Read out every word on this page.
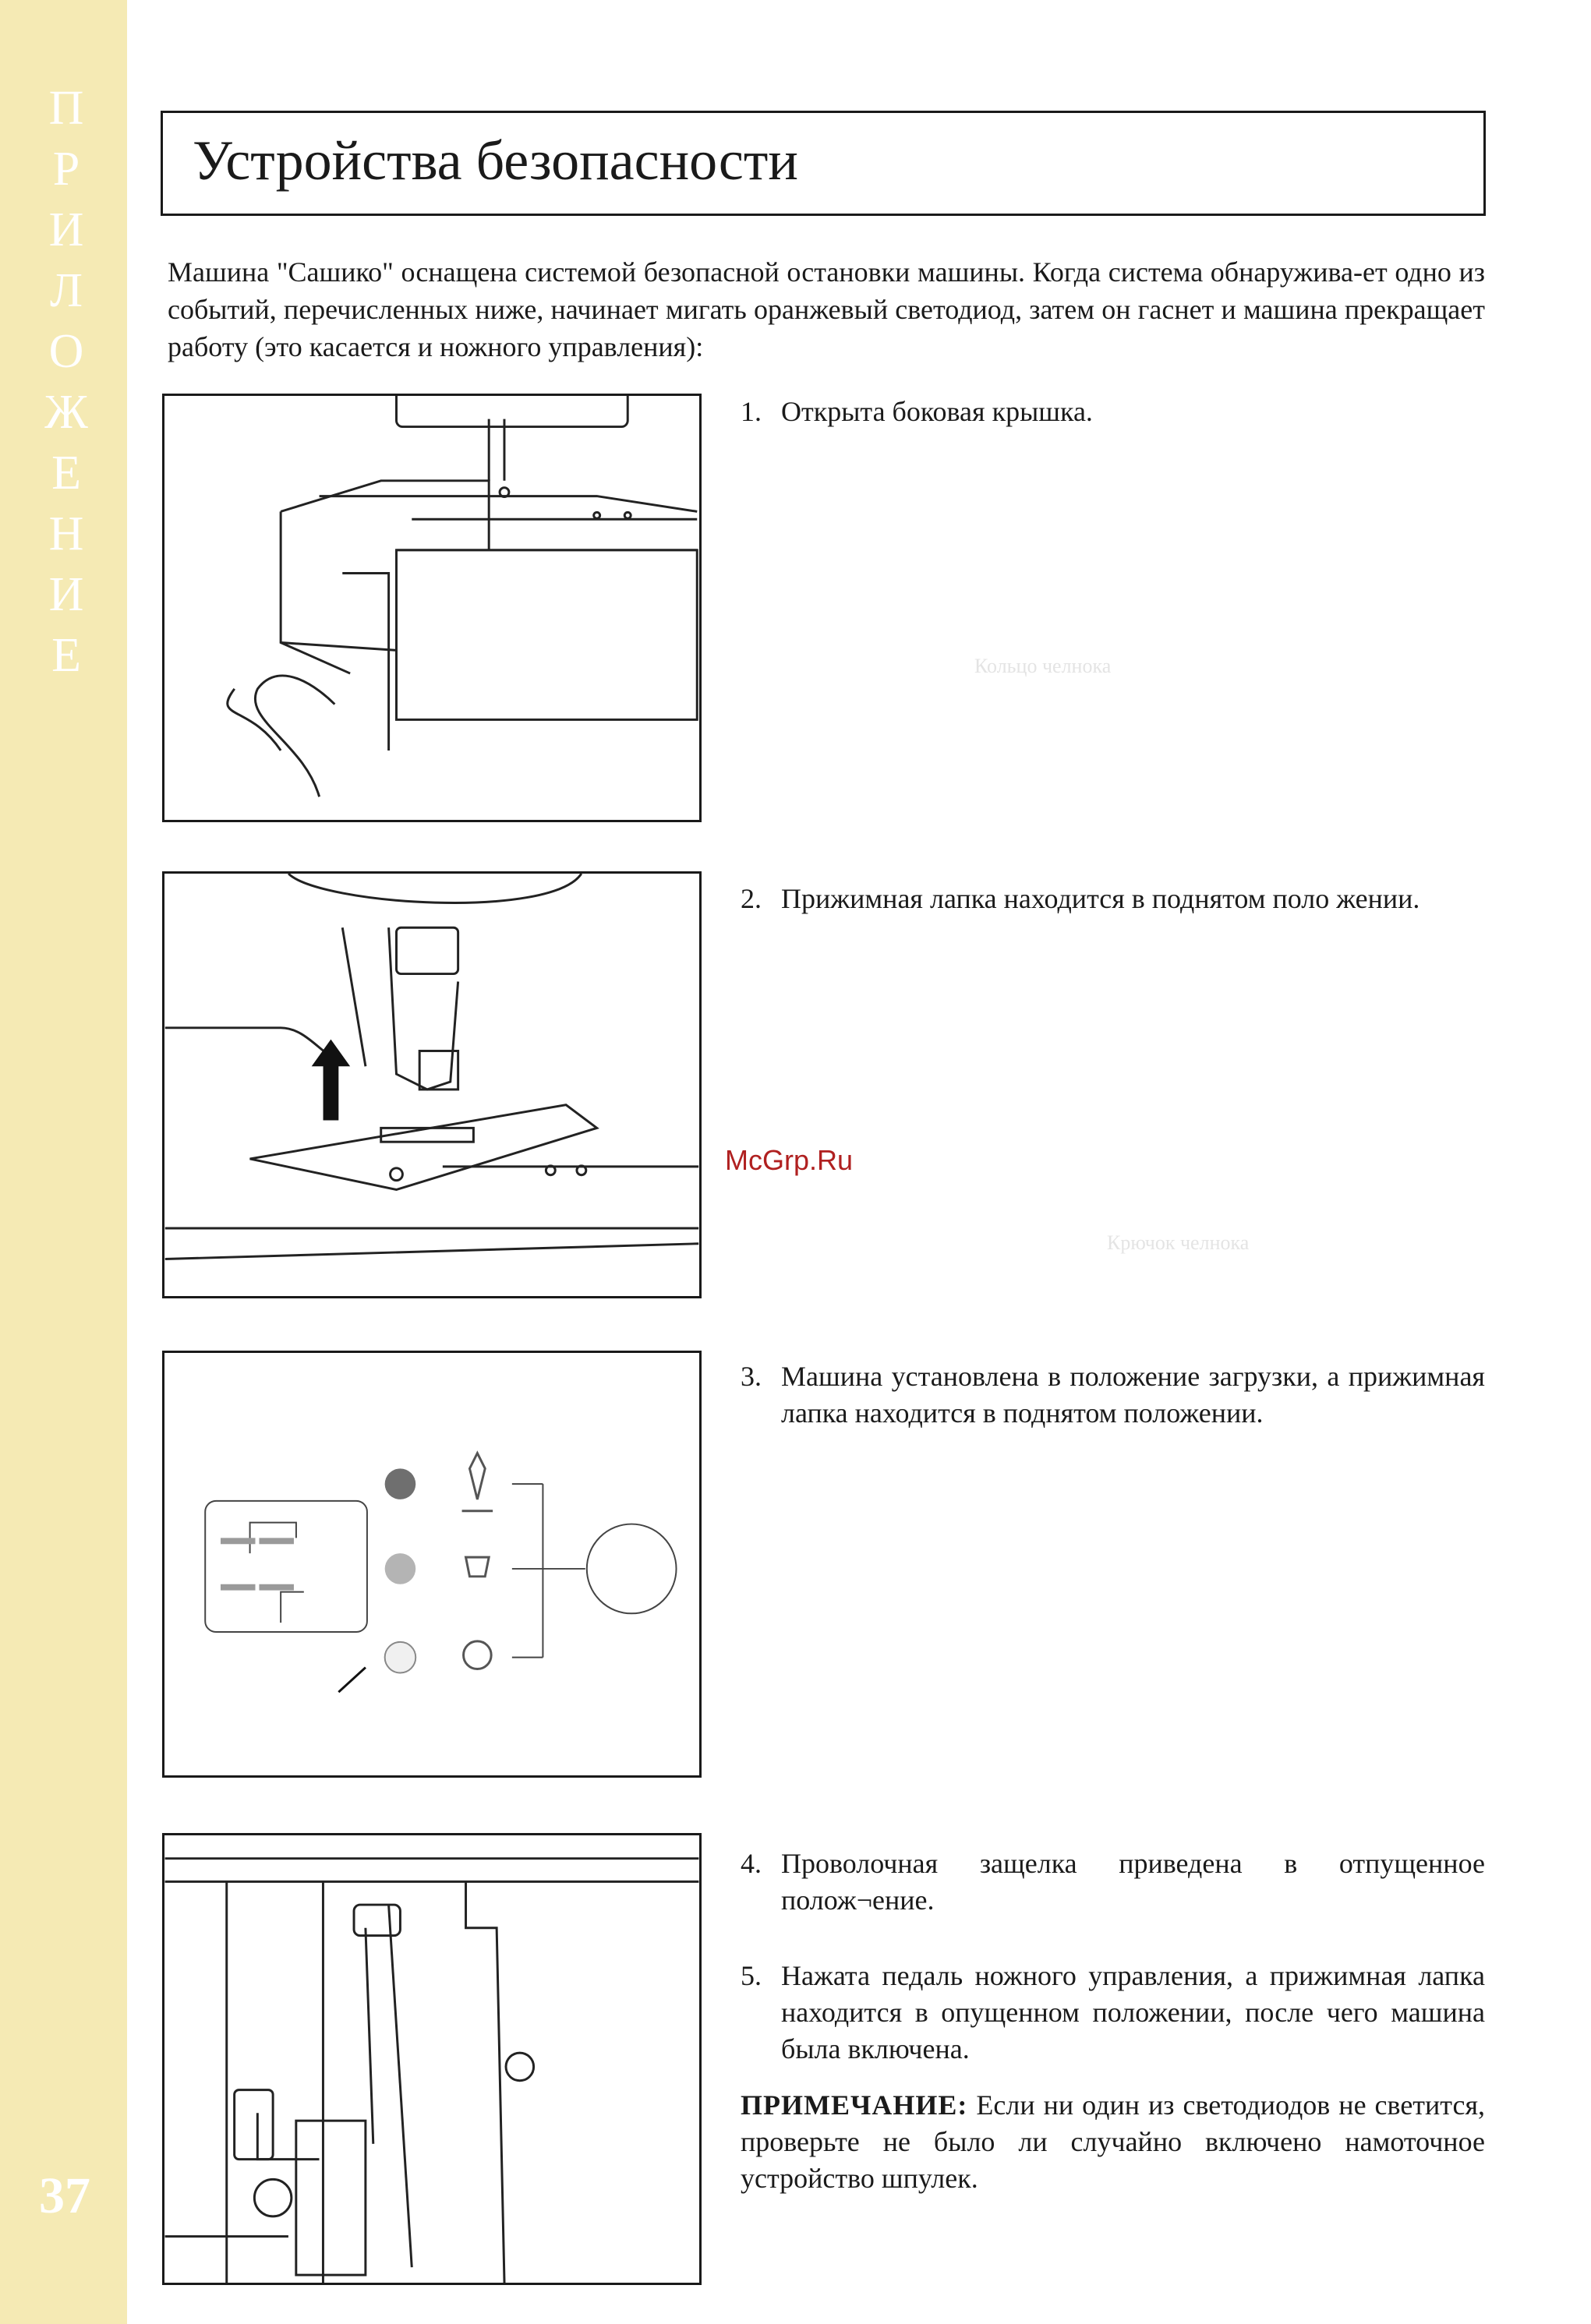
П
Р
И
Л
О
Ж
Е
Н
И
Е
37
Кольцо челнока
Крючок челнока
Устройства безопасности
Машина "Сашико" оснащена системой безопасной остановки машины. Когда система обнаружива-ет одно из событий, перечисленных ниже, начинает мигать оранжевый светодиод, затем он гаснет и машина прекращает работу (это касается и ножного управления):
1. Открыта боковая крышка.
2. Прижимная лапка находится в поднятом поло жении.
3. Машина установлена в положение загрузки, а прижимная лапка находится в поднятом положении.
4. Проволочная защелка приведена в отпущенное полож¬ение.
5. Нажата педаль ножного управления, а прижимная лапка находится в опущенном положении, после чего машина была включена.
ПРИМЕЧАНИЕ: Если ни один из светодиодов не светится, проверьте не было ли случайно включено намоточное устройство шпулек.
McGrp.Ru
